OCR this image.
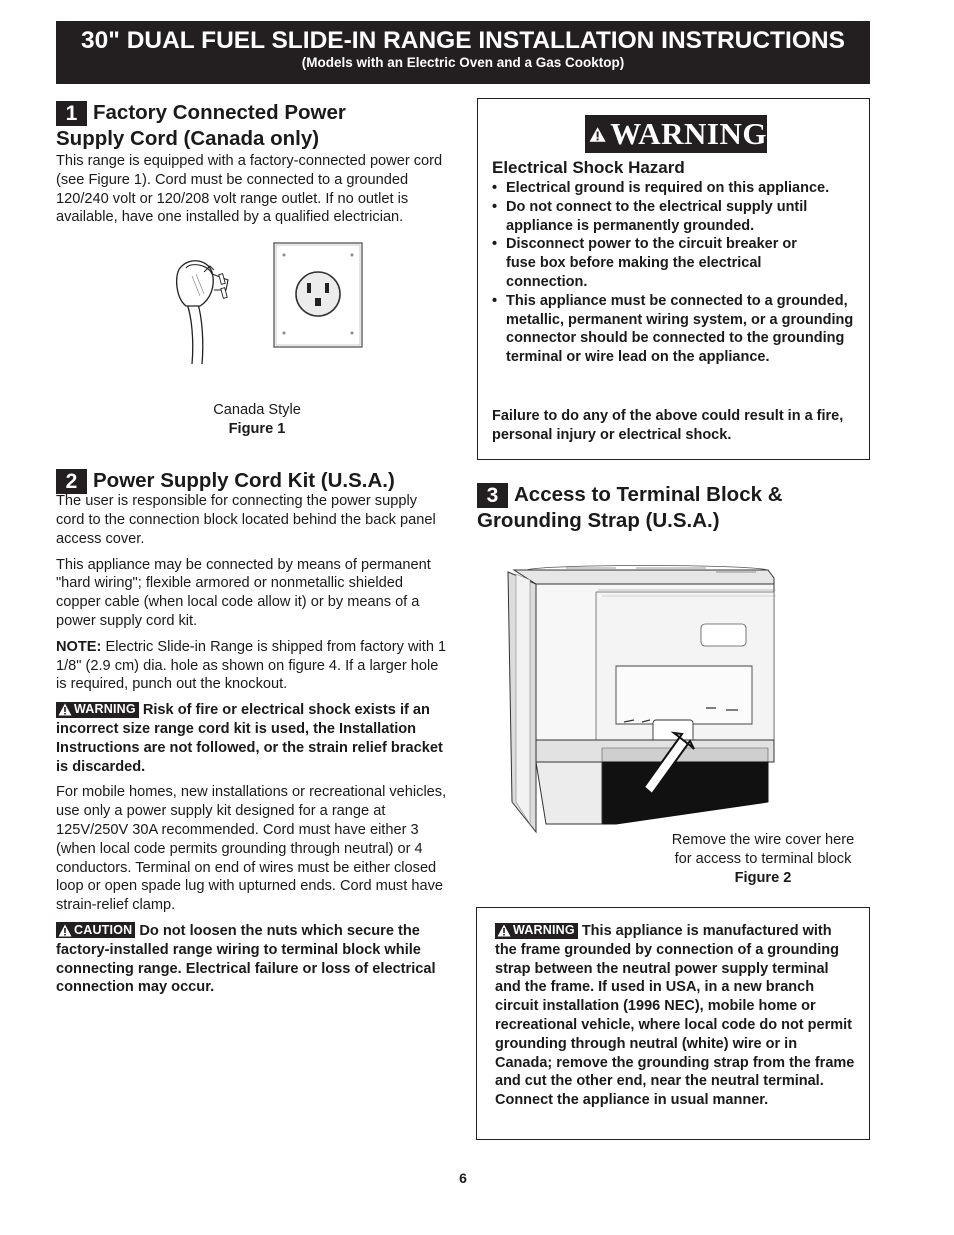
30" DUAL FUEL SLIDE-IN RANGE INSTALLATION INSTRUCTIONS
(Models with an Electric Oven and a Gas Cooktop)
1 Factory Connected Power
Supply Cord (Canada only)

This range is equipped with a factory-connected power cord (see Figure 1). Cord must be connected to a grounded 120/240 volt or 120/208 volt range outlet. If no outlet is available, have one installed by a qualified electrician.

Canada Style
Figure 1
2 Power Supply Cord Kit (U.S.A.)

The user is responsible for connecting the power supply cord to the connection block located behind the back panel access cover.

This appliance may be connected by means of permanent "hard wiring"; flexible armored or nonmetallic shielded copper cable (when local code allow it) or by means of a power supply cord kit.

NOTE: Electric Slide-in Range is shipped from factory with 1 1/8" (2.9 cm) dia. hole as shown on figure 4. If a larger hole is required, punch out the knockout.

WARNING Risk of fire or electrical shock exists if an incorrect size range cord kit is used, the Installation Instructions are not followed, or the strain relief bracket is discarded.

For mobile homes, new installations or recreational vehicles, use only a power supply kit designed for a range at 125V/250V 30A recommended. Cord must have either 3 (when local code permits grounding through neutral) or 4 conductors. Terminal on end of wires must be either closed loop or open spade lug with upturned ends. Cord must have strain-relief clamp.

CAUTION Do not loosen the nuts which secure the factory-installed range wiring to terminal block while connecting range. Electrical failure or loss of electrical connection may occur.

WARNING
Electrical Shock Hazard
• Electrical ground is required on this appliance.
• Do not connect to the electrical supply until appliance is permanently grounded.
• Disconnect power to the circuit breaker or fuse box before making the electrical connection.
• This appliance must be connected to a grounded, metallic, permanent wiring system, or a grounding connector should be connected to the grounding terminal or wire lead on the appliance.
Failure to do any of the above could result in a fire, personal injury or electrical shock.
3 Access to Terminal Block &
Grounding Strap (U.S.A.)
Remove the wire cover here
for access to terminal block
Figure 2

WARNING This appliance is manufactured with the frame grounded by connection of a grounding strap between the neutral power supply terminal and the frame. If used in USA, in a new branch circuit installation (1996 NEC), mobile home or recreational vehicle, where local code do not permit grounding through neutral (white) wire or in Canada; remove the grounding strap from the frame and cut the other end, near the neutral terminal. Connect the appliance in usual manner.

6
